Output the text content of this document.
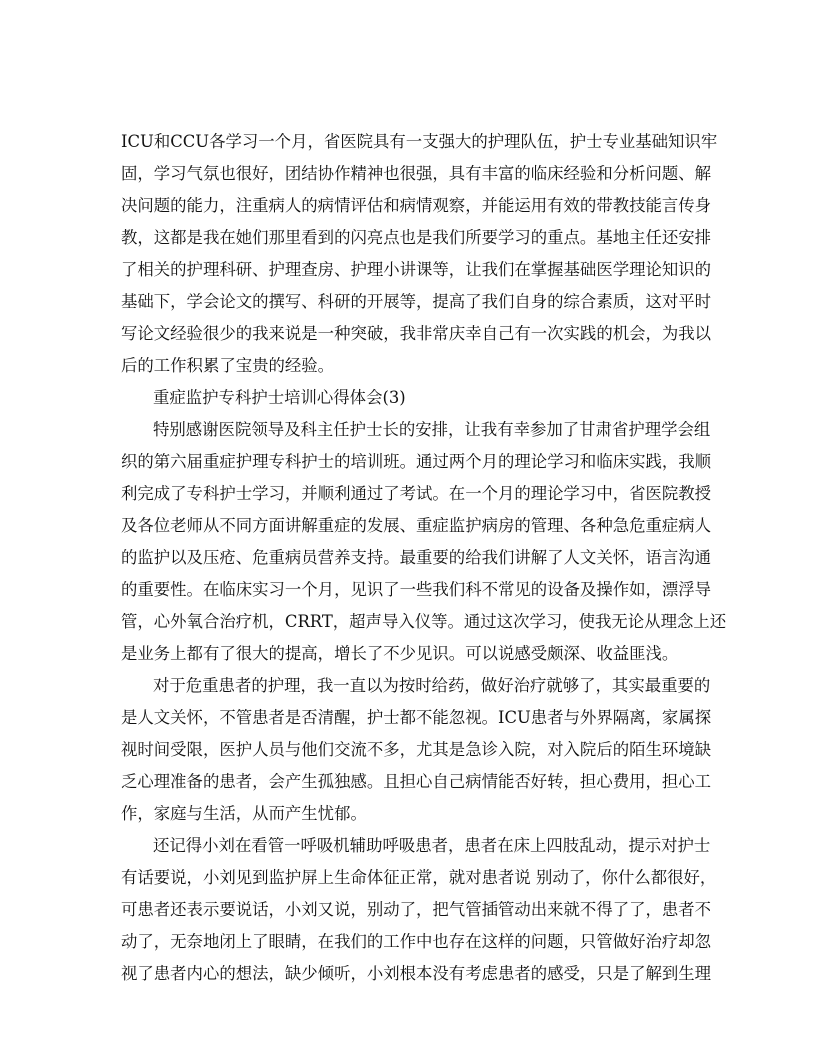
ICU和CCU各学习一个月，省医院具有一支强大的护理队伍，护士专业基础知识牢
固，学习气氛也很好，团结协作精神也很强，具有丰富的临床经验和分析问题、解
决问题的能力，注重病人的病情评估和病情观察，并能运用有效的带教技能言传身
教，这都是我在她们那里看到的闪亮点也是我们所要学习的重点。基地主任还安排
了相关的护理科研、护理查房、护理小讲课等，让我们在掌握基础医学理论知识的
基础下，学会论文的撰写、科研的开展等，提高了我们自身的综合素质，这对平时
写论文经验很少的我来说是一种突破，我非常庆幸自己有一次实践的机会，为我以
后的工作积累了宝贵的经验。
重症监护专科护士培训心得体会(3)
特别感谢医院领导及科主任护士长的安排，让我有幸参加了甘肃省护理学会组
织的第六届重症护理专科护士的培训班。通过两个月的理论学习和临床实践，我顺
利完成了专科护士学习，并顺利通过了考试。在一个月的理论学习中，省医院教授
及各位老师从不同方面讲解重症的发展、重症监护病房的管理、各种急危重症病人
的监护以及压疮、危重病员营养支持。最重要的给我们讲解了人文关怀，语言沟通
的重要性。在临床实习一个月，见识了一些我们科不常见的设备及操作如，漂浮导
管，心外氧合治疗机，CRRT，超声导入仪等。通过这次学习，使我无论从理念上还
是业务上都有了很大的提高，增长了不少见识。可以说感受颇深、收益匪浅。
对于危重患者的护理，我一直以为按时给药，做好治疗就够了，其实最重要的
是人文关怀，不管患者是否清醒，护士都不能忽视。ICU患者与外界隔离，家属探
视时间受限，医护人员与他们交流不多，尤其是急诊入院，对入院后的陌生环境缺
乏心理准备的患者，会产生孤独感。且担心自己病情能否好转，担心费用，担心工
作，家庭与生活，从而产生忧郁。
还记得小刘在看管一呼吸机辅助呼吸患者，患者在床上四肢乱动，提示对护士
有话要说，小刘见到监护屏上生命体征正常，就对患者说 别动了，你什么都很好，
可患者还表示要说话，小刘又说，别动了，把气管插管动出来就不得了了，患者不
动了，无奈地闭上了眼睛，在我们的工作中也存在这样的问题，只管做好治疗却忽
视了患者内心的想法，缺少倾听，小刘根本没有考虑患者的感受，只是了解到生理
